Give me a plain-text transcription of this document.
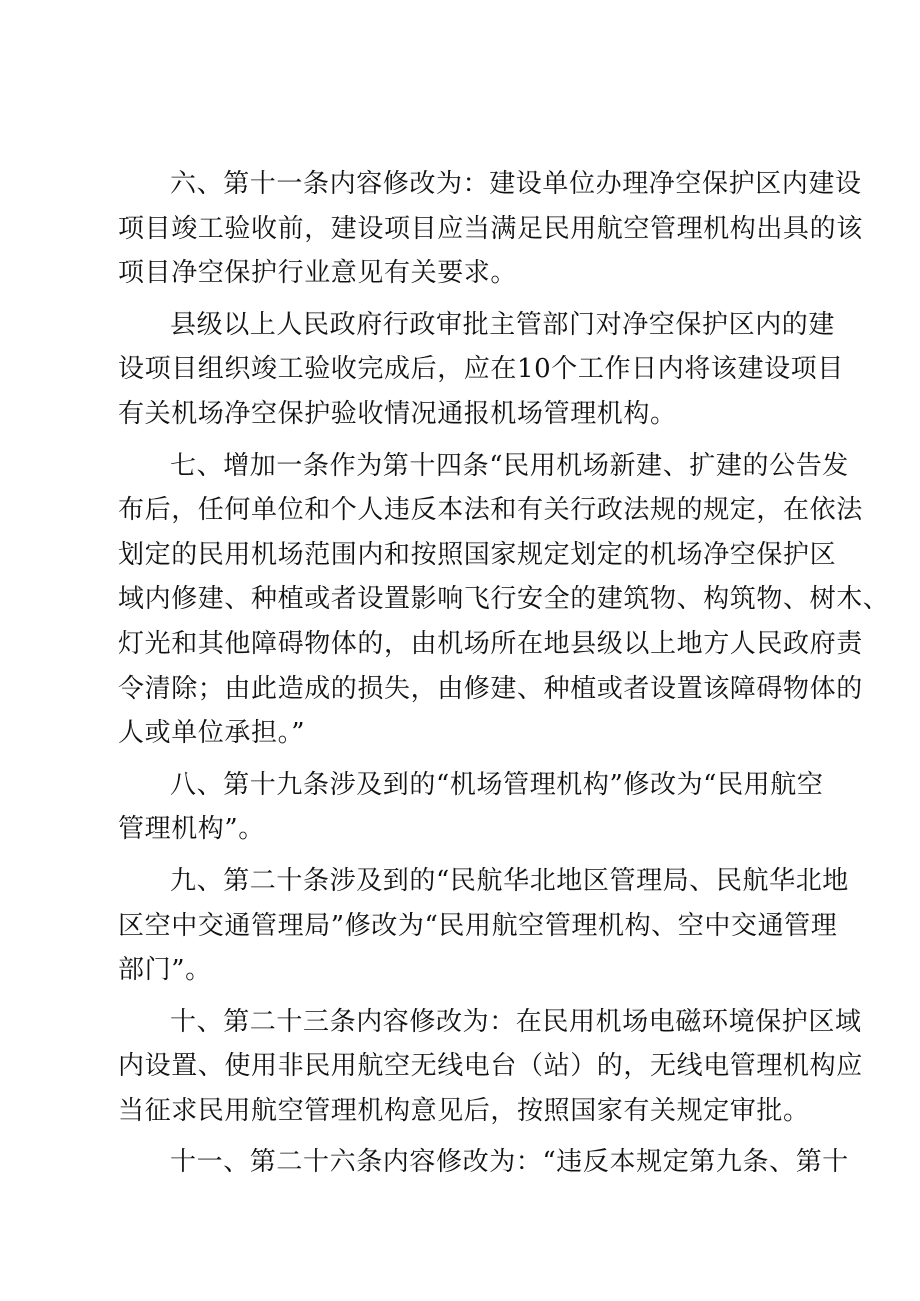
六、第十一条内容修改为：建设单位办理净空保护区内建设
项目竣工验收前，建设项目应当满足民用航空管理机构出具的该
项目净空保护行业意见有关要求。

县级以上人民政府行政审批主管部门对净空保护区内的建
设项目组织竣工验收完成后，应在10个工作日内将该建设项目
有关机场净空保护验收情况通报机场管理机构。

七、增加一条作为第十四条“民用机场新建、扩建的公告发
布后，任何单位和个人违反本法和有关行政法规的规定，在依法
划定的民用机场范围内和按照国家规定划定的机场净空保护区
域内修建、种植或者设置影响飞行安全的建筑物、构筑物、树木、
灯光和其他障碍物体的，由机场所在地县级以上地方人民政府责
令清除；由此造成的损失，由修建、种植或者设置该障碍物体的
人或单位承担。”

八、第十九条涉及到的“机场管理机构”修改为“民用航空
管理机构”。

九、第二十条涉及到的“民航华北地区管理局、民航华北地
区空中交通管理局”修改为“民用航空管理机构、空中交通管理
部门”。

十、第二十三条内容修改为：在民用机场电磁环境保护区域
内设置、使用非民用航空无线电台（站）的，无线电管理机构应
当征求民用航空管理机构意见后，按照国家有关规定审批。

十一、第二十六条内容修改为：“违反本规定第九条、第十
